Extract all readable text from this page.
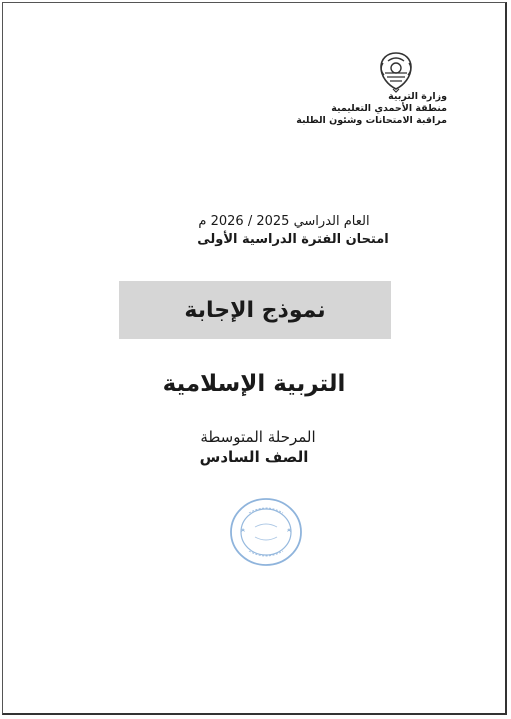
وزارة التربية
منطقة الأحمدي التعليمية
مراقبة الامتحانات وشئون الطلبة
العام الدراسي 2025 / 2026 م
امتحان الفترة الدراسية الأولى
نموذج الإجابة
التربية الإسلامية
المرحلة المتوسطة
الصف السادس
